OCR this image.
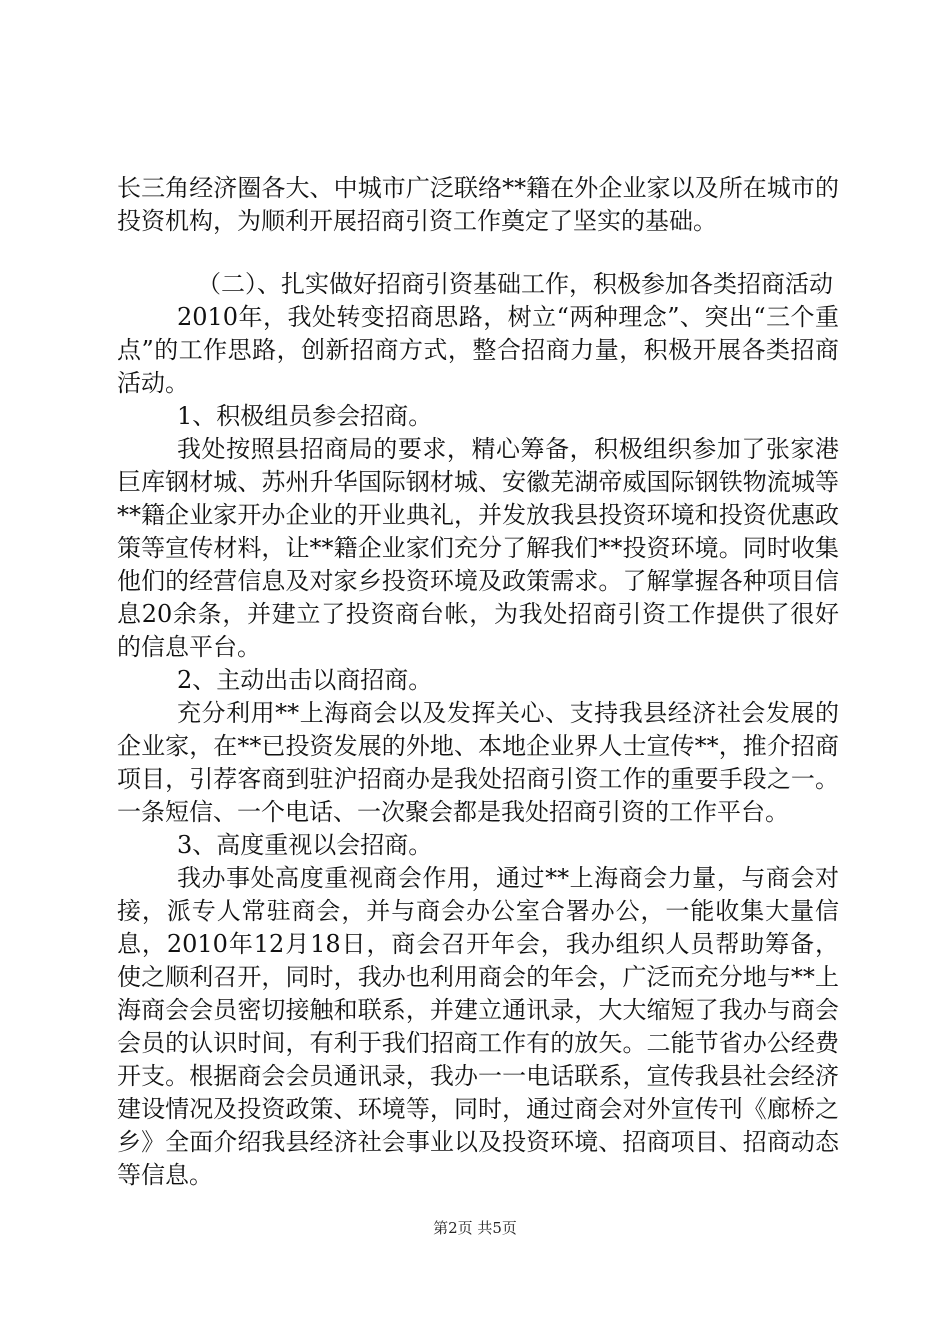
长三角经济圈各大、中城市广泛联络**籍在外企业家以及所在城市的投资机构，为顺利开展招商引资工作奠定了坚实的基础。

（二）、扎实做好招商引资基础工作，积极参加各类招商活动

2010年，我处转变招商思路，树立“两种理念”、突出“三个重点”的工作思路，创新招商方式，整合招商力量，积极开展各类招商活动。

1、积极组员参会招商。

我处按照县招商局的要求，精心筹备，积极组织参加了张家港巨库钢材城、苏州升华国际钢材城、安徽芜湖帝威国际钢铁物流城等**籍企业家开办企业的开业典礼，并发放我县投资环境和投资优惠政策等宣传材料，让**籍企业家们充分了解我们**投资环境。同时收集他们的经营信息及对家乡投资环境及政策需求。了解掌握各种项目信息20余条，并建立了投资商台帐，为我处招商引资工作提供了很好的信息平台。

2、主动出击以商招商。

充分利用**上海商会以及发挥关心、支持我县经济社会发展的企业家，在**已投资发展的外地、本地企业界人士宣传**，推介招商项目，引荐客商到驻沪招商办是我处招商引资工作的重要手段之一。一条短信、一个电话、一次聚会都是我处招商引资的工作平台。

3、高度重视以会招商。

我办事处高度重视商会作用，通过**上海商会力量，与商会对接，派专人常驻商会，并与商会办公室合署办公，一能收集大量信息，2010年12月18日，商会召开年会，我办组织人员帮助筹备，使之顺利召开，同时，我办也利用商会的年会，广泛而充分地与**上海商会会员密切接触和联系，并建立通讯录，大大缩短了我办与商会会员的认识时间，有利于我们招商工作有的放矢。二能节省办公经费开支。根据商会会员通讯录，我办一一电话联系，宣传我县社会经济建设情况及投资政策、环境等，同时，通过商会对外宣传刊《廊桥之乡》全面介绍我县经济社会事业以及投资环境、招商项目、招商动态等信息。

第2页 共5页
